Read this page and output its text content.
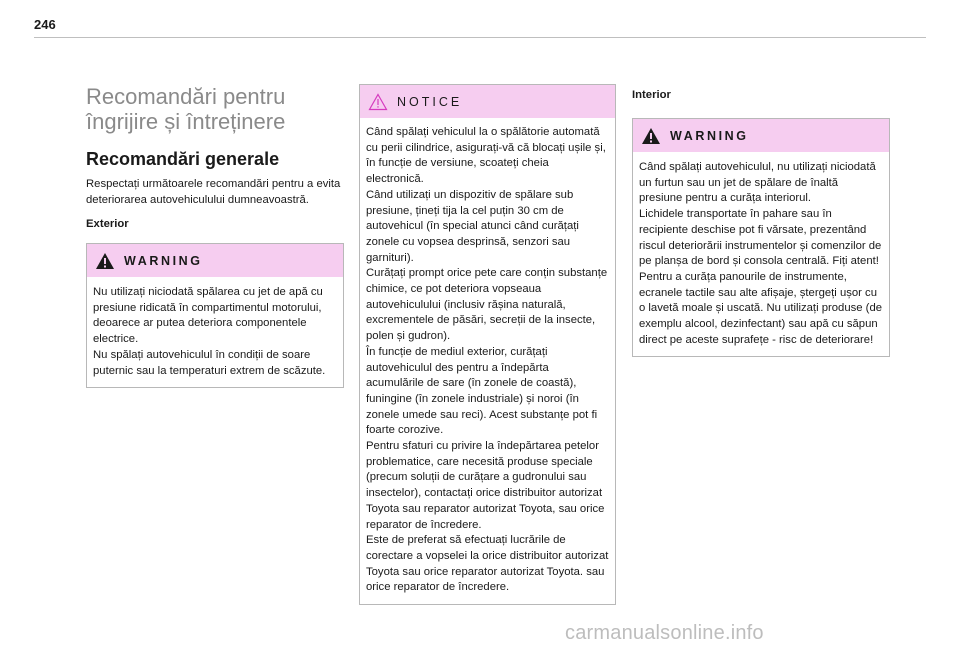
246
Recomandări pentru îngrijire și întreținere
Recomandări generale

Respectați următoarele recomandări pentru a evita deteriorarea autovehiculului dumneavoastră.

Exterior
WARNING
Nu utilizați niciodată spălarea cu jet de apă cu presiune ridicată în compartimentul motorului, deoarece ar putea deteriora componentele electrice.
Nu spălați autovehiculul în condiții de soare puternic sau la temperaturi extrem de scăzute.
NOTICE
Când spălați vehiculul la o spălătorie automată cu perii cilindrice, asigurați-vă că blocați ușile și, în funcție de versiune, scoateți cheia electronică.
Când utilizați un dispozitiv de spălare sub presiune, țineți tija la cel puțin 30 cm de autovehicul (în special atunci când curățați zonele cu vopsea desprinsă, senzori sau garnituri).
Curățați prompt orice pete care conțin substanțe chimice, ce pot deteriora vopseaua autovehiculului (inclusiv rășina naturală, excrementele de păsări, secreții de la insecte, polen și gudron).
În funcție de mediul exterior, curățați autovehiculul des pentru a îndepărta acumulările de sare (în zonele de coastă), funingine (în zonele industriale) și noroi (în zonele umede sau reci). Acest substanțe pot fi foarte corozive.
Pentru sfaturi cu privire la îndepărtarea petelor problematice, care necesită produse speciale (precum soluții de curățare a gudronului sau insectelor), contactați orice distribuitor autorizat Toyota sau reparator autorizat Toyota, sau orice reparator de încredere.
Este de preferat să efectuați lucrările de corectare a vopselei la orice distribuitor autorizat Toyota sau orice reparator autorizat Toyota. sau orice reparator de încredere.
Interior
WARNING
Când spălați autovehiculul, nu utilizați niciodată un furtun sau un jet de spălare de înaltă presiune pentru a curăța interiorul.
Lichidele transportate în pahare sau în recipiente deschise pot fi vărsate, prezentând riscul deteriorării instrumentelor și comenzilor de pe planșa de bord și consola centrală. Fiți atent!
Pentru a curăța panourile de instrumente, ecranele tactile sau alte afișaje, ștergeți ușor cu o lavetă moale și uscată. Nu utilizați produse (de exemplu alcool, dezinfectant) sau apă cu săpun direct pe aceste suprafețe - risc de deteriorare!
carmanualsonline.info
